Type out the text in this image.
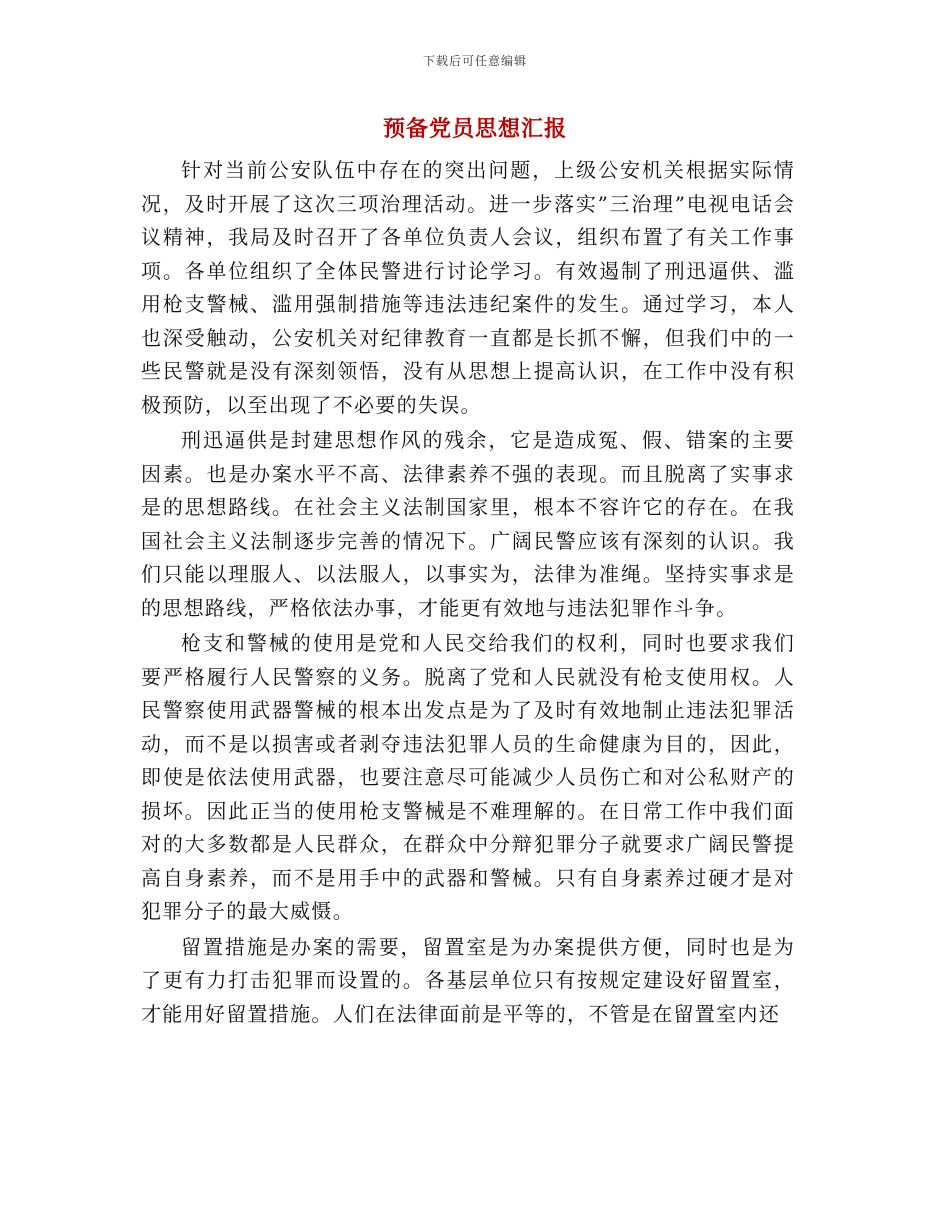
下载后可任意编辑
预备党员思想汇报

针对当前公安队伍中存在的突出问题，上级公安机关根据实际情况，及时开展了这次三项治理活动。进一步落实”三治理”电视电话会议精神，我局及时召开了各单位负责人会议，组织布置了有关工作事项。各单位组织了全体民警进行讨论学习。有效遏制了刑迅逼供、滥用枪支警械、滥用强制措施等违法违纪案件的发生。通过学习，本人也深受触动，公安机关对纪律教育一直都是长抓不懈，但我们中的一些民警就是没有深刻领悟，没有从思想上提高认识，在工作中没有积极预防，以至出现了不必要的失误。

刑迅逼供是封建思想作风的残余，它是造成冤、假、错案的主要因素。也是办案水平不高、法律素养不强的表现。而且脱离了实事求是的思想路线。在社会主义法制国家里，根本不容许它的存在。在我国社会主义法制逐步完善的情况下。广阔民警应该有深刻的认识。我们只能以理服人、以法服人，以事实为，法律为准绳。坚持实事求是的思想路线，严格依法办事，才能更有效地与违法犯罪作斗争。

枪支和警械的使用是党和人民交给我们的权利，同时也要求我们要严格履行人民警察的义务。脱离了党和人民就没有枪支使用权。人民警察使用武器警械的根本出发点是为了及时有效地制止违法犯罪活动，而不是以损害或者剥夺违法犯罪人员的生命健康为目的，因此，即使是依法使用武器，也要注意尽可能减少人员伤亡和对公私财产的损坏。因此正当的使用枪支警械是不难理解的。在日常工作中我们面对的大多数都是人民群众，在群众中分辩犯罪分子就要求广阔民警提高自身素养，而不是用手中的武器和警械。只有自身素养过硬才是对犯罪分子的最大威慑。

留置措施是办案的需要，留置室是为办案提供方便，同时也是为了更有力打击犯罪而设置的。各基层单位只有按规定建设好留置室，才能用好留置措施。人们在法律面前是平等的，不管是在留置室内还
